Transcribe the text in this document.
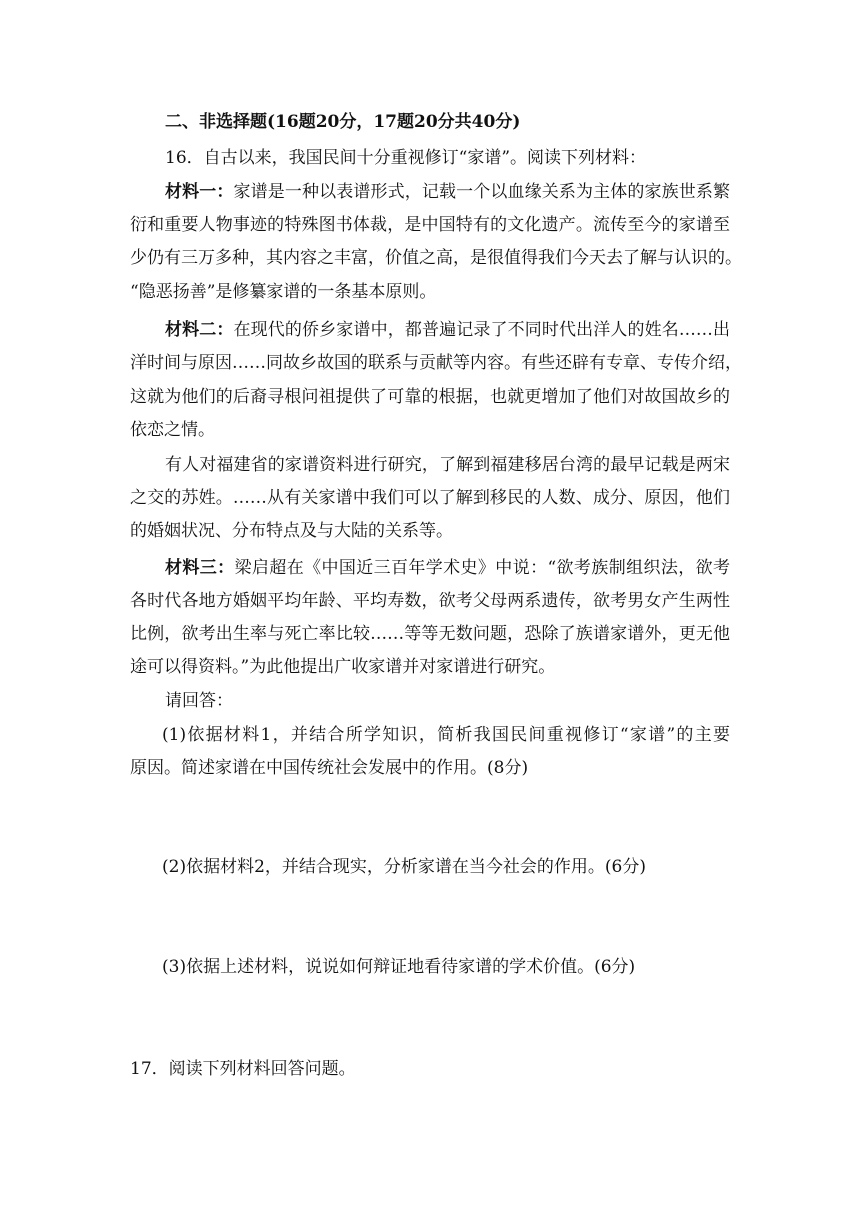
二、非选择题(16题20分，17题20分共40分)
16．自古以来，我国民间十分重视修订“家谱”。阅读下列材料：
材料一：家谱是一种以表谱形式，记载一个以血缘关系为主体的家族世系繁
衍和重要人物事迹的特殊图书体裁，是中国特有的文化遗产。流传至今的家谱至
少仍有三万多种，其内容之丰富，价值之高，是很值得我们今天去了解与认识的。
“隐恶扬善”是修纂家谱的一条基本原则。
材料二：在现代的侨乡家谱中，都普遍记录了不同时代出洋人的姓名……出
洋时间与原因……同故乡故国的联系与贡献等内容。有些还辟有专章、专传介绍，
这就为他们的后裔寻根问祖提供了可靠的根据，也就更增加了他们对故国故乡的
依恋之情。
有人对福建省的家谱资料进行研究，了解到福建移居台湾的最早记载是两宋
之交的苏姓。……从有关家谱中我们可以了解到移民的人数、成分、原因，他们
的婚姻状况、分布特点及与大陆的关系等。
材料三：梁启超在《中国近三百年学术史》中说：“欲考族制组织法，欲考
各时代各地方婚姻平均年龄、平均寿数，欲考父母两系遗传，欲考男女产生两性
比例，欲考出生率与死亡率比较……等等无数问题，恐除了族谱家谱外，更无他
途可以得资料。”为此他提出广收家谱并对家谱进行研究。
请回答：
(1)依据材料1，并结合所学知识，简析我国民间重视修订“家谱”的主要
原因。简述家谱在中国传统社会发展中的作用。(8分)
(2)依据材料2，并结合现实，分析家谱在当今社会的作用。(6分)
(3)依据上述材料，说说如何辩证地看待家谱的学术价值。(6分)
17．阅读下列材料回答问题。
